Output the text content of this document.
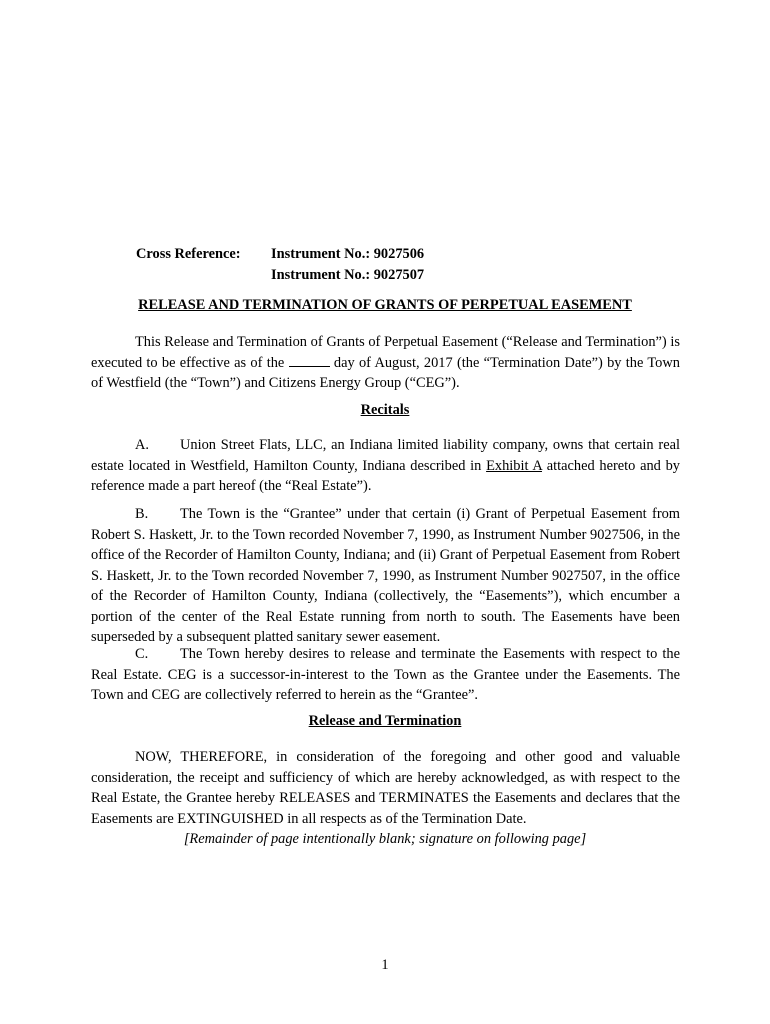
Cross Reference: Instrument No.: 9027506
Instrument No.: 9027507
RELEASE AND TERMINATION OF GRANTS OF PERPETUAL EASEMENT
This Release and Termination of Grants of Perpetual Easement (“Release and Termination”) is executed to be effective as of the	day of August, 2017 (the “Termination Date”) by the Town of Westfield (the “Town”) and Citizens Energy Group (“CEG”).
Recitals
A. Union Street Flats, LLC, an Indiana limited liability company, owns that certain real estate located in Westfield, Hamilton County, Indiana described in Exhibit A attached hereto and by reference made a part hereof (the “Real Estate”).
B. The Town is the “Grantee” under that certain (i) Grant of Perpetual Easement from Robert S. Haskett, Jr. to the Town recorded November 7, 1990, as Instrument Number 9027506, in the office of the Recorder of Hamilton County, Indiana; and (ii) Grant of Perpetual Easement from Robert S. Haskett, Jr. to the Town recorded November 7, 1990, as Instrument Number 9027507, in the office of the Recorder of Hamilton County, Indiana (collectively, the “Easements”), which encumber a portion of the center of the Real Estate running from north to south. The Easements have been superseded by a subsequent platted sanitary sewer easement.
C. The Town hereby desires to release and terminate the Easements with respect to the Real Estate. CEG is a successor-in-interest to the Town as the Grantee under the Easements. The Town and CEG are collectively referred to herein as the “Grantee”.
Release and Termination
NOW, THEREFORE, in consideration of the foregoing and other good and valuable consideration, the receipt and sufficiency of which are hereby acknowledged, as with respect to the Real Estate, the Grantee hereby RELEASES and TERMINATES the Easements and declares that the Easements are EXTINGUISHED in all respects as of the Termination Date.
[Remainder of page intentionally blank; signature on following page]
1
